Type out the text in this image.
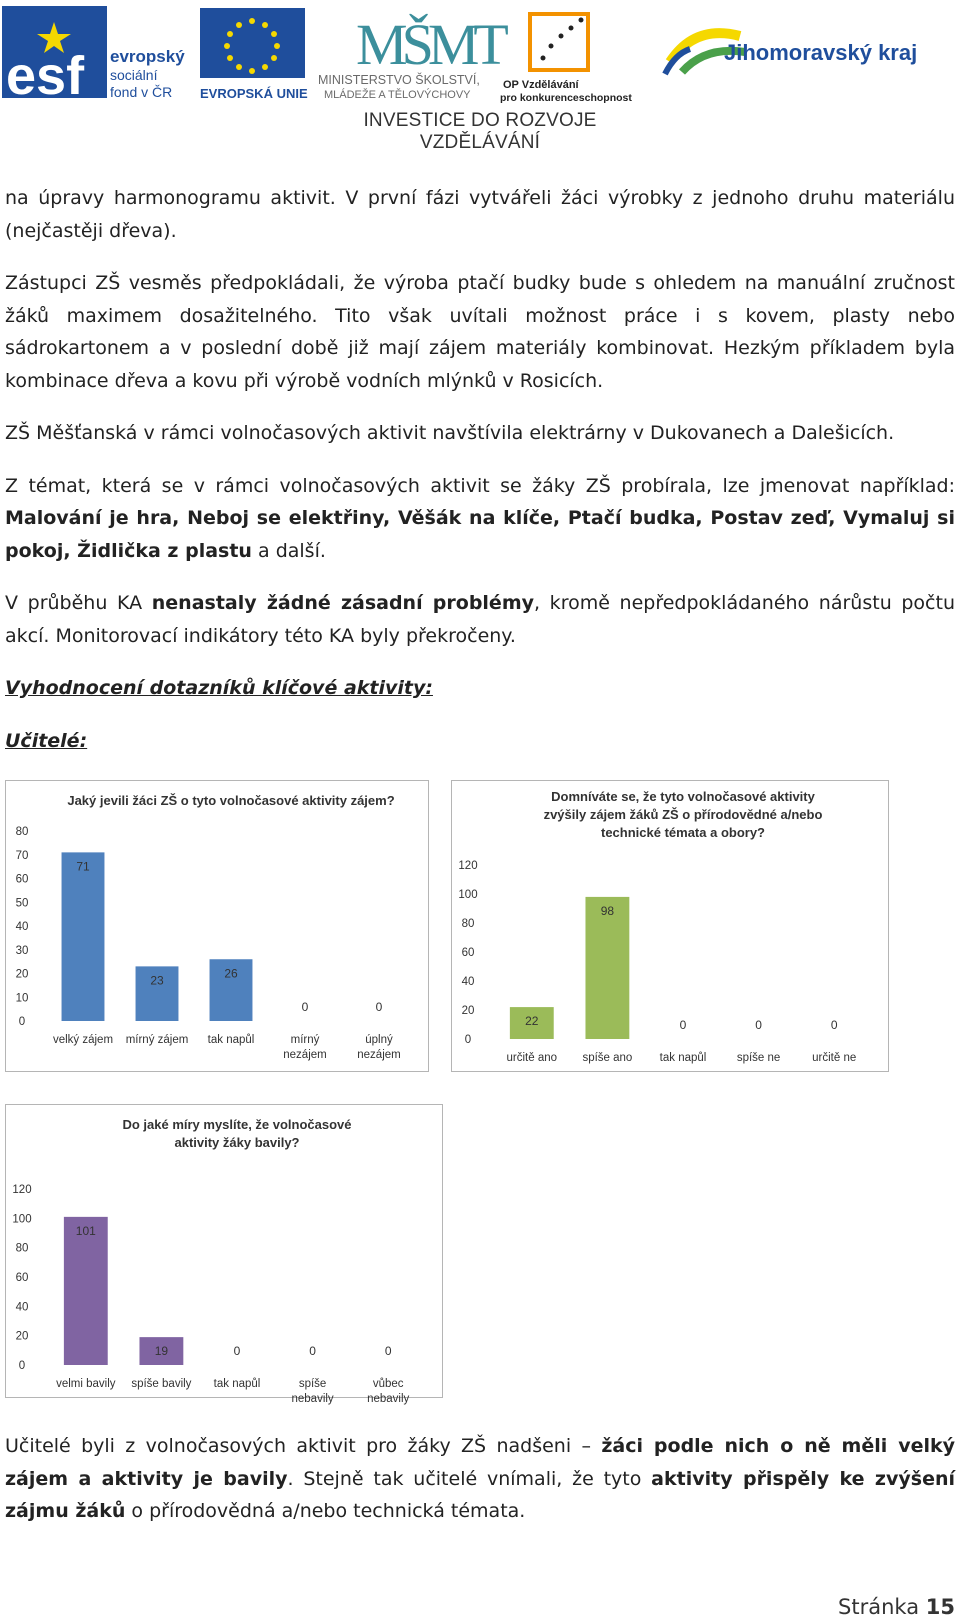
esf evropský
sociální
fond v ČR EVROPSKÁ UNIE
MŠMT
MINISTERSTVO ŠKOLSTVÍ,
MLÁDEŽE A TĚLOVÝCHOVY
OP Vzdělávání
pro konkurenceschopnost
Jihomoravský kraj
INVESTICE DO ROZVOJE VZDĚLÁVÁNÍ

na úpravy harmonogramu aktivit. V první fázi vytvářeli žáci výrobky z jednoho druhu materiálu (nejčastěji dřeva).

Zástupci ZŠ vesměs předpokládali, že výroba ptačí budky bude s ohledem na manuální zručnost žáků maximem dosažitelného. Tito však uvítali možnost práce i s kovem, plasty nebo sádrokartonem a v poslední době již mají zájem materiály kombinovat. Hezkým příkladem byla kombinace dřeva a kovu při výrobě vodních mlýnků v Rosicích.

ZŠ Měšťanská v rámci volnočasových aktivit navštívila elektrárny v Dukovanech a Dalešicích.

Z témat, která se v rámci volnočasových aktivit se žáky ZŠ probírala, lze jmenovat například: Malování je hra, Neboj se elektřiny, Věšák na klíče, Ptačí budka, Postav zeď, Vymaluj si pokoj, Židlička z plastu a další.

V průběhu KA nenastaly žádné zásadní problémy, kromě nepředpokládaného nárůstu počtu akcí. Monitorovací indikátory této KA byly překročeny.

Vyhodnocení dotazníků klíčové aktivity:

Učitelé:

Jaký jevili žáci ZŠ o tyto volnočasové aktivity zájem?
0
10
20
30
40
50
60
70
80
71
velký zájem
23
mírný zájem
26
tak napůl
0
mírný
nezájem
0
úplný
nezájem
Domníváte se, že tyto volnočasové aktivity
zvýšily zájem žáků ZŠ o přírodovědné a/nebo
technické témata a obory?
0
20
40
60
80
100
120
22
určitě ano
98
spíše ano
0
tak napůl
0
spíše ne
0
určitě ne
Do jaké míry myslíte, že volnočasové
aktivity žáky bavily?
0
20
40
60
80
100
120
101
velmi bavily
19
spíše bavily
0
tak napůl
0
spíše
nebavily
0
vůbec
nebavily

Učitelé byli z volnočasových aktivit pro žáky ZŠ nadšeni – žáci podle nich o ně měli velký zájem a aktivity je bavily. Stejně tak učitelé vnímali, že tyto aktivity přispěly ke zvýšení zájmu žáků o přírodovědná a/nebo technická témata.

Stránka 15
